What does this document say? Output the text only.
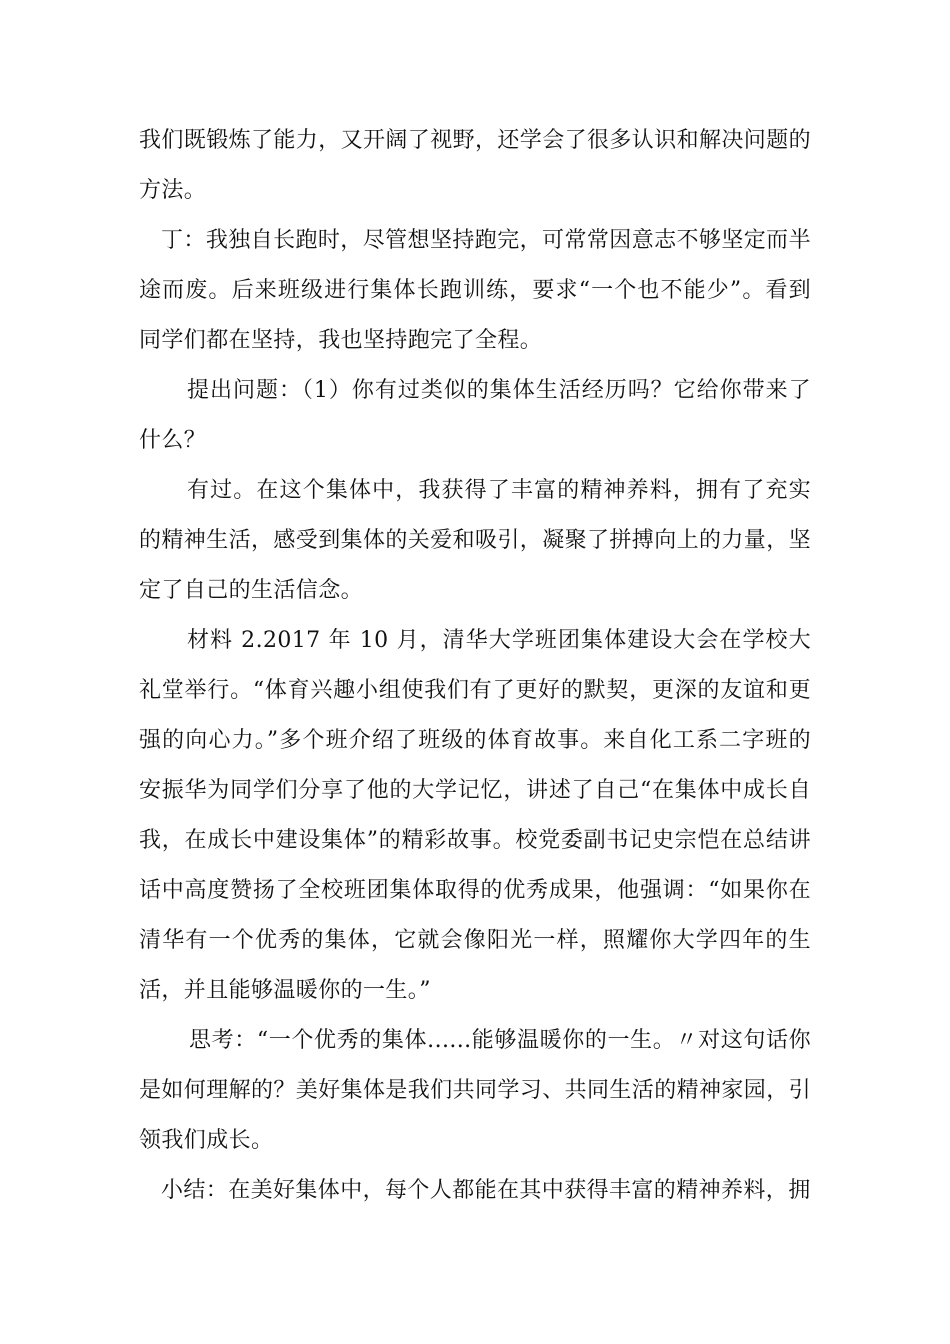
我们既锻炼了能力，又开阔了视野，还学会了很多认识和解决问题的方法。

丁：我独自长跑时，尽管想坚持跑完，可常常因意志不够坚定而半途而废。后来班级进行集体长跑训练，要求“一个也不能少”。看到同学们都在坚持，我也坚持跑完了全程。

提出问题：（1）你有过类似的集体生活经历吗？它给你带来了什么？

有过。在这个集体中，我获得了丰富的精神养料，拥有了充实的精神生活，感受到集体的关爱和吸引，凝聚了拼搏向上的力量，坚定了自己的生活信念。

材料 2.2017 年 10 月，清华大学班团集体建设大会在学校大礼堂举行。“体育兴趣小组使我们有了更好的默契，更深的友谊和更强的向心力。”多个班介绍了班级的体育故事。来自化工系二字班的安振华为同学们分享了他的大学记忆，讲述了自己“在集体中成长自我，在成长中建设集体”的精彩故事。校党委副书记史宗恺在总结讲话中高度赞扬了全校班团集体取得的优秀成果，他强调：“如果你在清华有一个优秀的集体，它就会像阳光一样，照耀你大学四年的生活，并且能够温暖你的一生。”

思考：“一个优秀的集体......能够温暖你的一生。〃对这句话你是如何理解的？美好集体是我们共同学习、共同生活的精神家园，引领我们成长。

小结：在美好集体中，每个人都能在其中获得丰富的精神养料，拥
